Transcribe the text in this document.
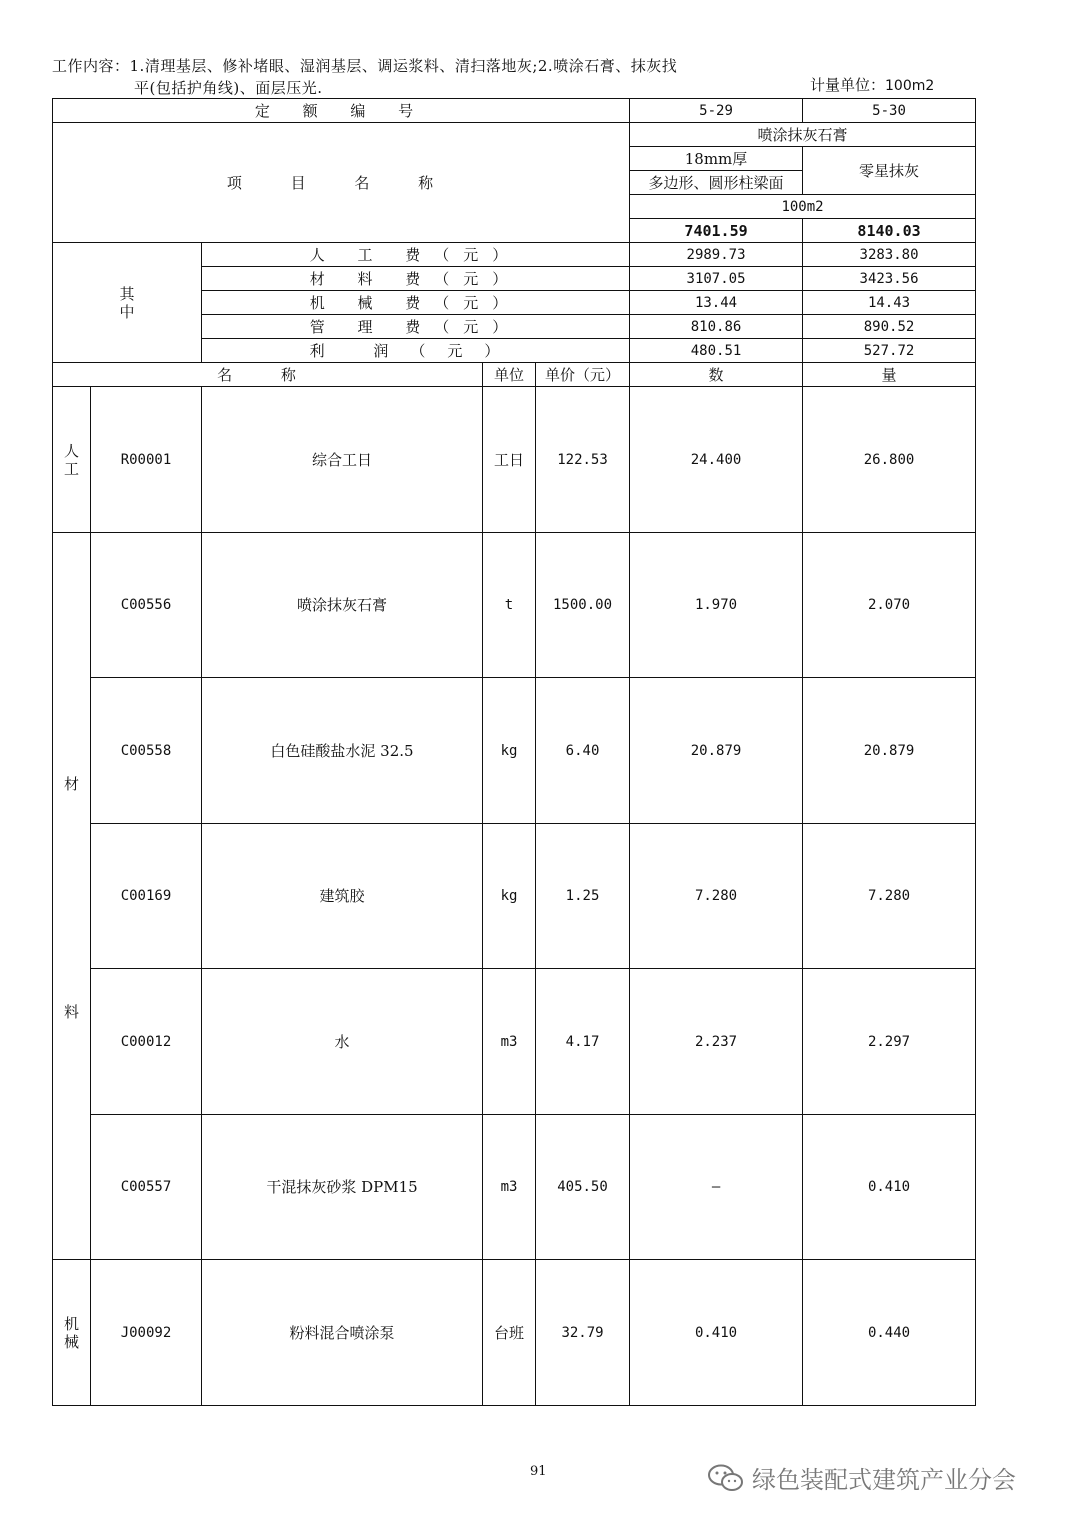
工作内容：1.清理基层、修补堵眼、湿润基层、调运浆料、清扫落地灰;2.喷涂石膏、抹灰找
平(包括护角线)、面层压光.	计量单位：100m2
定 额 编 号					5-29	5-30
项 目 名 称					喷涂抹灰石膏	
					18mm厚	零星抹灰
					多边形、圆形柱梁面	
					100m2	
					7401.59	8140.03

其
中		人 工 费（元）			2989.73	3283.80
		材 料 费（元）			3107.05	3423.56
		机 械 费（元）			13.44	14.43
		管 理 费（元）			810.86	890.52
		利 润（元）			480.51	527.72
名 称			单位	单价（元）	数	量

人
工	R00001	综合工日	工日	122.53	24.400	26.800

材
料	C00556	喷涂抹灰石膏	t	1500.00	1.970	2.070
	C00558	白色硅酸盐水泥 32.5	kg	6.40	20.879	20.879
	C00169	建筑胶	kg	1.25	7.280	7.280
	C00012	水	m3	4.17	2.237	2.297
	C00557	干混抹灰砂浆 DPM15	m3	405.50	—	0.410

机
械	J00092	粉料混合喷涂泵	台班	32.79	0.410	0.440
91	绿色装配式建筑产业分会
